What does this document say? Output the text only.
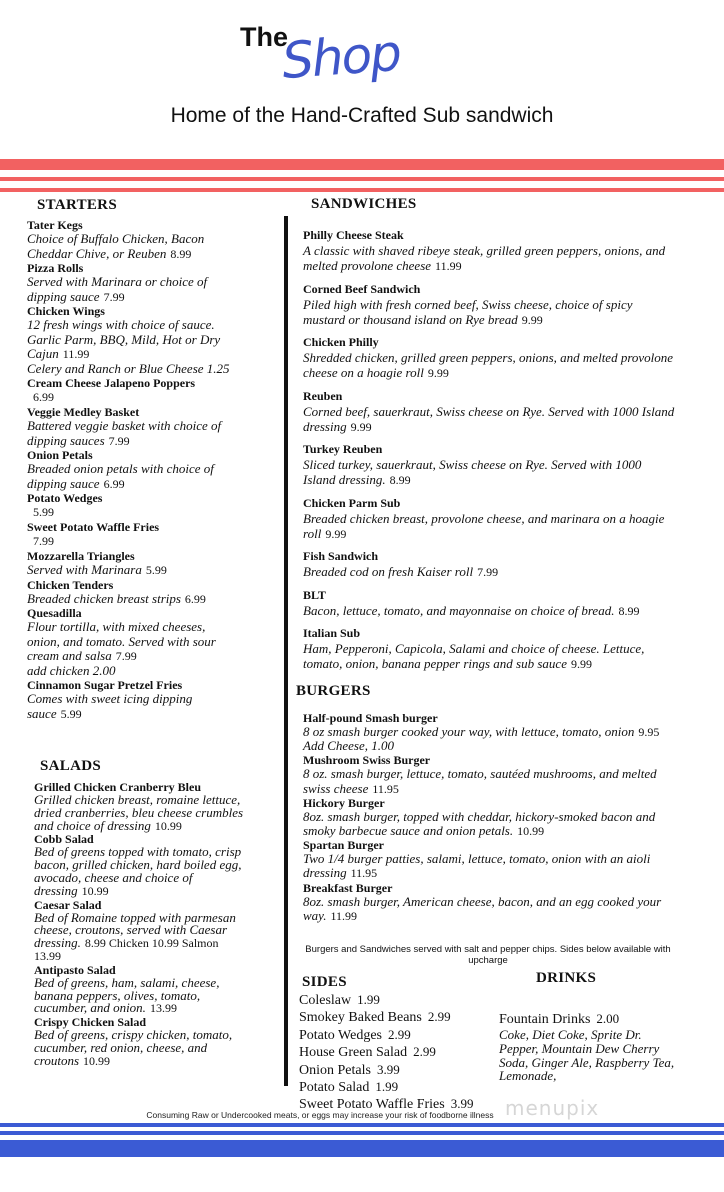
The
Shop
Home of the Hand-Crafted Sub sandwich
STARTERS
Tater Kegs
Choice of Buffalo Chicken, Bacon Cheddar Chive, or Reuben 8.99
Pizza Rolls
Served with Marinara or choice of dipping sauce 7.99
Chicken Wings
12 fresh wings with choice of sauce. Garlic Parm, BBQ, Mild, Hot or Dry Cajun 11.99
Celery and Ranch or Blue Cheese 1.25
Cream Cheese Jalapeno Poppers
6.99
Veggie Medley Basket
Battered veggie basket with choice of dipping sauces 7.99
Onion Petals
Breaded onion petals with choice of dipping sauce 6.99
Potato Wedges
5.99
Sweet Potato Waffle Fries
7.99
Mozzarella Triangles
Served with Marinara 5.99
Chicken Tenders
Breaded chicken breast strips 6.99
Quesadilla
Flour tortilla, with mixed cheeses, onion, and tomato. Served with sour cream and salsa 7.99
add chicken 2.00
Cinnamon Sugar Pretzel Fries
Comes with sweet icing dipping sauce 5.99
SALADS
Grilled Chicken Cranberry Bleu
Grilled chicken breast, romaine lettuce, dried cranberries, bleu cheese crumbles and choice of dressing 10.99
Cobb Salad
Bed of greens topped with tomato, crisp bacon, grilled chicken, hard boiled egg, avocado, cheese and choice of dressing 10.99
Caesar Salad
Bed of Romaine topped with parmesan cheese, croutons, served with Caesar dressing. 8.99 Chicken 10.99 Salmon 13.99
Antipasto Salad
Bed of greens, ham, salami, cheese, banana peppers, olives, tomato, cucumber, and onion. 13.99
Crispy Chicken Salad
Bed of greens, crispy chicken, tomato, cucumber, red onion, cheese, and croutons 10.99
SANDWICHES
Philly Cheese Steak
A classic with shaved ribeye steak, grilled green peppers, onions, and melted provolone cheese 11.99
Corned Beef Sandwich
Piled high with fresh corned beef, Swiss cheese, choice of spicy mustard or thousand island on Rye bread 9.99
Chicken Philly
Shredded chicken, grilled green peppers, onions, and melted provolone cheese on a hoagie roll 9.99
Reuben
Corned beef, sauerkraut, Swiss cheese on Rye. Served with 1000 Island dressing 9.99
Turkey Reuben
Sliced turkey, sauerkraut, Swiss cheese on Rye. Served with 1000 Island dressing. 8.99
Chicken Parm Sub
Breaded chicken breast, provolone cheese, and marinara on a hoagie roll 9.99
Fish Sandwich
Breaded cod on fresh Kaiser roll 7.99
BLT
Bacon, lettuce, tomato, and mayonnaise on choice of bread. 8.99
Italian Sub
Ham, Pepperoni, Capicola, Salami and choice of cheese. Lettuce, tomato, onion, banana pepper rings and sub sauce 9.99
BURGERS
Half-pound Smash burger
8 oz smash burger cooked your way, with lettuce, tomato, onion 9.95
Add Cheese, 1.00
Mushroom Swiss Burger
8 oz. smash burger, lettuce, tomato, sautéed mushrooms, and melted swiss cheese 11.95
Hickory Burger
8oz. smash burger, topped with cheddar, hickory-smoked bacon and smoky barbecue sauce and onion petals. 10.99
Spartan Burger
Two 1/4 burger patties, salami, lettuce, tomato, onion with an aioli dressing 11.95
Breakfast Burger
8oz. smash burger, American cheese, bacon, and an egg cooked your way. 11.99
Burgers and Sandwiches served with salt and pepper chips. Sides below available with upcharge
SIDES
Coleslaw 1.99
Smokey Baked Beans 2.99
Potato Wedges 2.99
House Green Salad 2.99
Onion Petals 3.99
Potato Salad 1.99
Sweet Potato Waffle Fries 3.99
DRINKS
Fountain Drinks 2.00
Coke, Diet Coke, Sprite Dr. Pepper, Mountain Dew Cherry Soda, Ginger Ale, Raspberry Tea, Lemonade,
Consuming Raw or Undercooked meats, or eggs may increase your risk of foodborne illness menupix
